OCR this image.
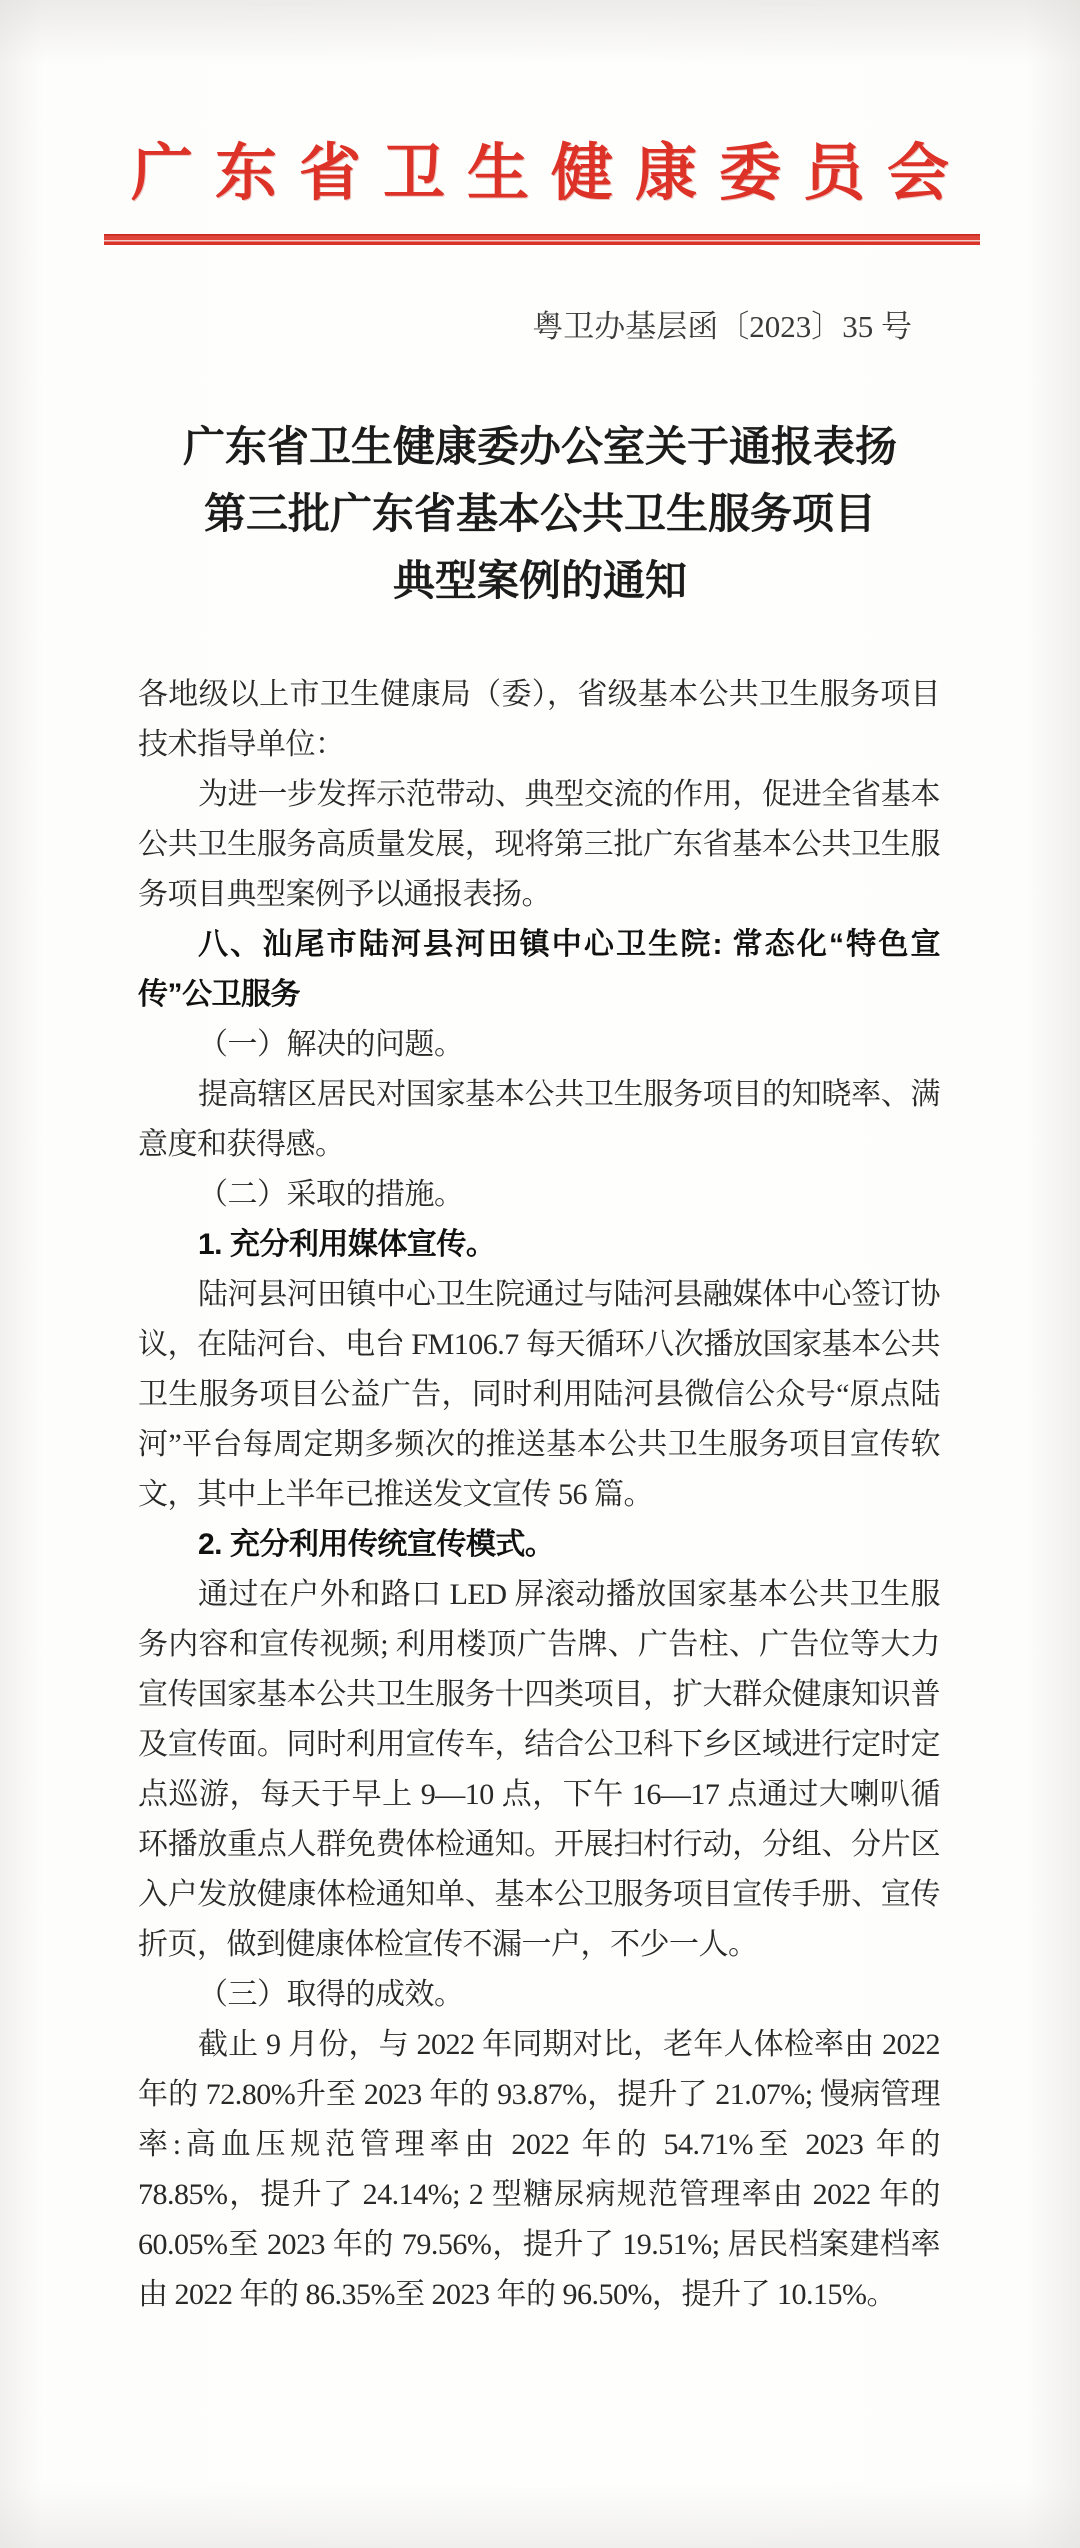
广东省卫生健康委员会
粤卫办基层函〔2023〕35 号
广东省卫生健康委办公室关于通报表扬
第三批广东省基本公共卫生服务项目
典型案例的通知

各地级以上市卫生健康局（委），省级基本公共卫生服务项目技术指导单位：

为进一步发挥示范带动、典型交流的作用，促进全省基本公共卫生服务高质量发展，现将第三批广东省基本公共卫生服务项目典型案例予以通报表扬。

八、汕尾市陆河县河田镇中心卫生院: 常态化“特色宣传”公卫服务

（一）解决的问题。

提高辖区居民对国家基本公共卫生服务项目的知晓率、满意度和获得感。

（二）采取的措施。

1. 充分利用媒体宣传。

陆河县河田镇中心卫生院通过与陆河县融媒体中心签订协议，在陆河台、电台 FM106.7 每天循环八次播放国家基本公共卫生服务项目公益广告，同时利用陆河县微信公众号“原点陆河”平台每周定期多频次的推送基本公共卫生服务项目宣传软文，其中上半年已推送发文宣传 56 篇。

2. 充分利用传统宣传模式。

通过在户外和路口 LED 屏滚动播放国家基本公共卫生服务内容和宣传视频; 利用楼顶广告牌、广告柱、广告位等大力宣传国家基本公共卫生服务十四类项目，扩大群众健康知识普及宣传面。同时利用宣传车，结合公卫科下乡区域进行定时定点巡游，每天于早上 9—10 点，下午 16—17 点通过大喇叭循环播放重点人群免费体检通知。开展扫村行动，分组、分片区入户发放健康体检通知单、基本公卫服务项目宣传手册、宣传折页，做到健康体检宣传不漏一户，不少一人。

（三）取得的成效。

截止 9 月份，与 2022 年同期对比，老年人体检率由 2022 年的 72.80%升至 2023 年的 93.87%，提升了 21.07%; 慢病管理率:高血压规范管理率由 2022 年的 54.71%至 2023 年的 78.85%，提升了 24.14%; 2 型糖尿病规范管理率由 2022 年的 60.05%至 2023 年的 79.56%，提升了 19.51%; 居民档案建档率由 2022 年的 86.35%至 2023 年的 96.50%，提升了 10.15%。
